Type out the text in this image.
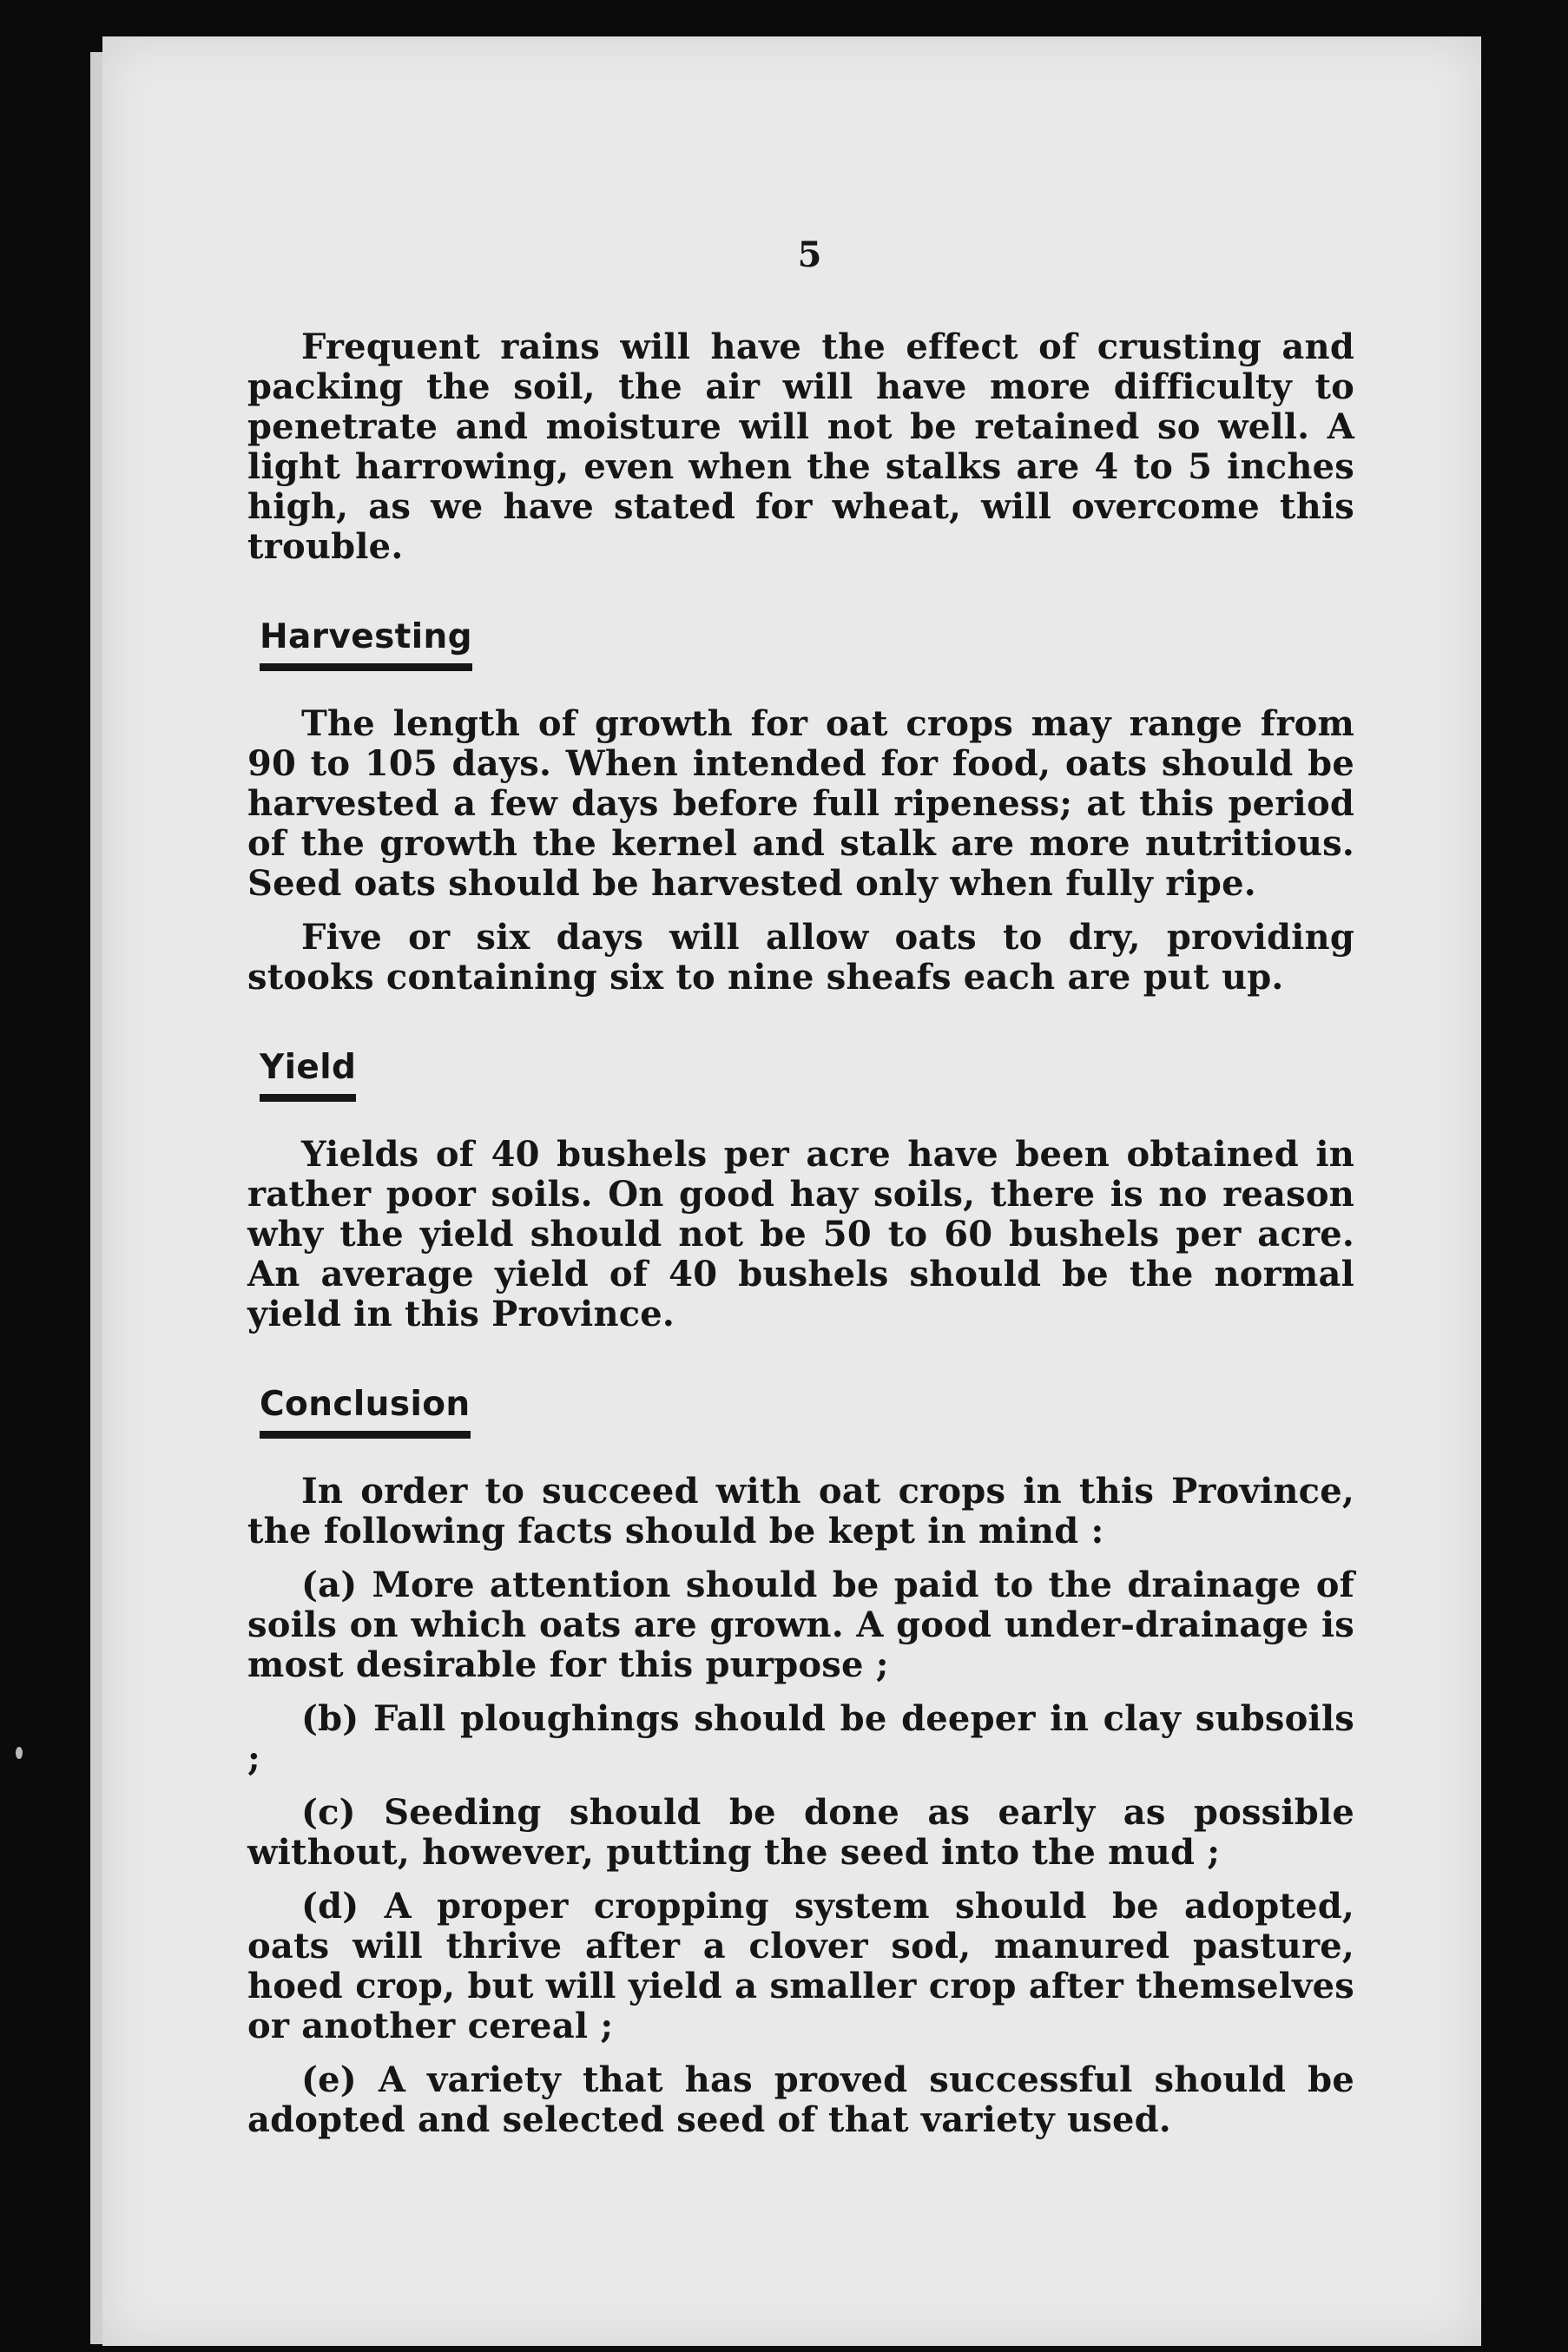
5

Frequent rains will have the effect of crusting and packing the soil, the air will have more difficulty to penetrate and moisture will not be retained so well. A light harrowing, even when the stalks are 4 to 5 inches high, as we have stated for wheat, will overcome this trouble.

Harvesting

The length of growth for oat crops may range from 90 to 105 days. When intended for food, oats should be harvested a few days before full ripeness; at this period of the growth the kernel and stalk are more nutritious. Seed oats should be harvested only when fully ripe.

Five or six days will allow oats to dry, providing stooks containing six to nine sheafs each are put up.

Yield

Yields of 40 bushels per acre have been obtained in rather poor soils. On good hay soils, there is no reason why the yield should not be 50 to 60 bushels per acre. An average yield of 40 bushels should be the normal yield in this Province.

Conclusion

In order to succeed with oat crops in this Province, the following facts should be kept in mind :

(a) More attention should be paid to the drainage of soils on which oats are grown. A good under-drainage is most desirable for this purpose ;

(b) Fall ploughings should be deeper in clay subsoils ;

(c) Seeding should be done as early as possible without, however, putting the seed into the mud ;

(d) A proper cropping system should be adopted, oats will thrive after a clover sod, manured pasture, hoed crop, but will yield a smaller crop after themselves or another cereal ;

(e) A variety that has proved successful should be adopted and selected seed of that variety used.
